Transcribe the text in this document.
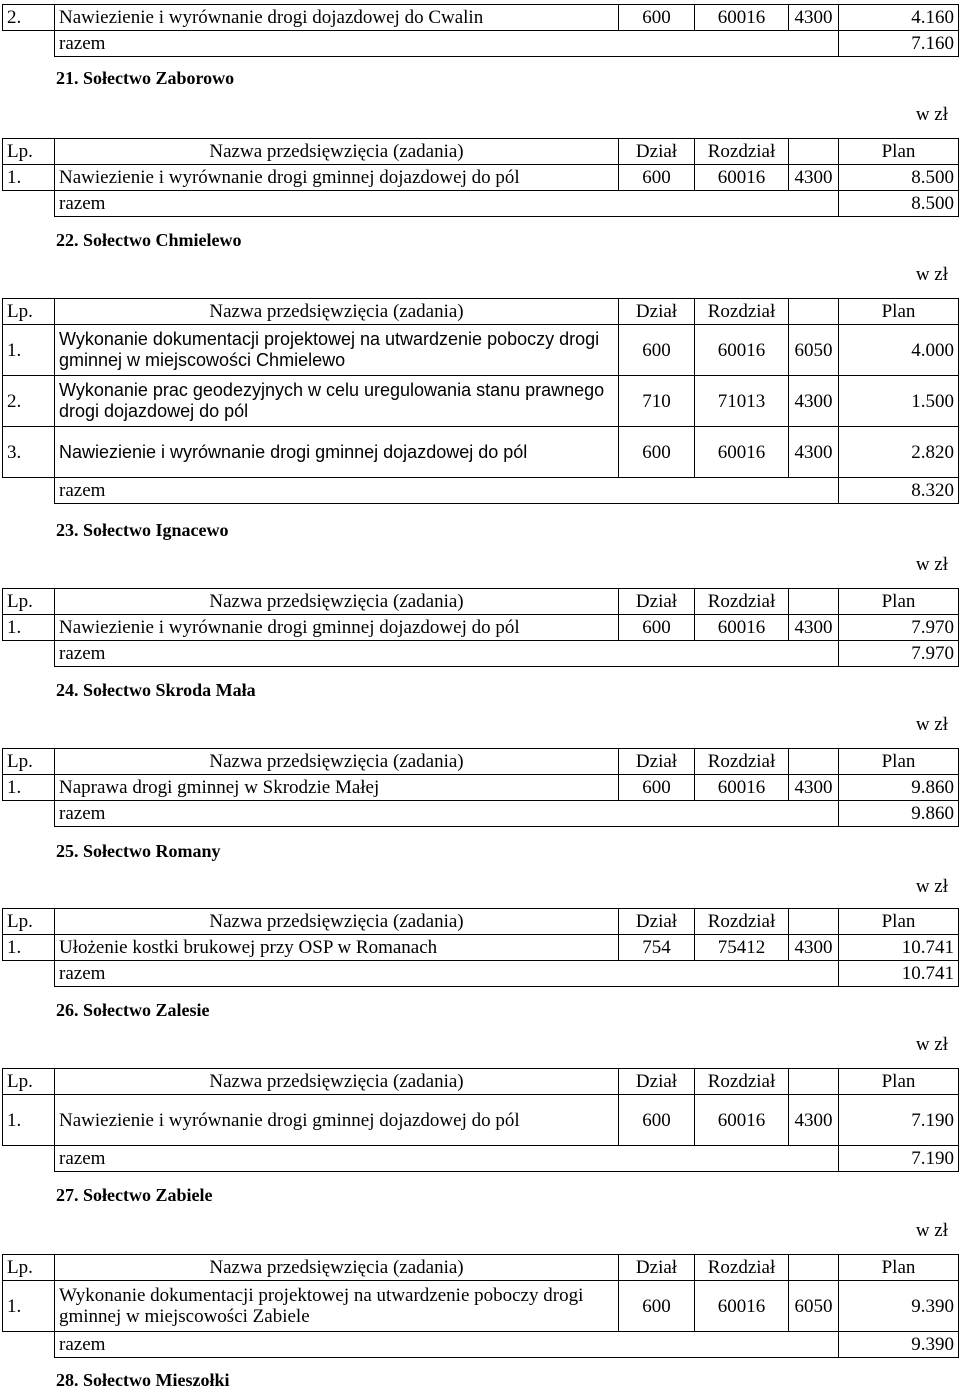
2.	Nawiezienie i wyrównanie drogi dojazdowej do Cwalin	600	60016	4300	4.160
	razem				7.160
21. Sołectwo Zaborowo
w zł
Lp.	Nazwa przedsięwzięcia (zadania)	Dział	Rozdział		Plan
1.	Nawiezienie i wyrównanie drogi gminnej dojazdowej do pól	600	60016	4300	8.500
	razem				8.500
22. Sołectwo Chmielewo
w zł
Lp.	Nazwa przedsięwzięcia (zadania)	Dział	Rozdział		Plan
1.	Wykonanie dokumentacji projektowej na utwardzenie poboczy drogi gminnej w miejscowości Chmielewo	600	60016	6050	4.000
2.	Wykonanie prac geodezyjnych w celu uregulowania stanu prawnego drogi dojazdowej do pól	710	71013	4300	1.500
3.	Nawiezienie i wyrównanie drogi gminnej dojazdowej do pól	600	60016	4300	2.820
	razem				8.320
23. Sołectwo Ignacewo
w zł
Lp.	Nazwa przedsięwzięcia (zadania)	Dział	Rozdział		Plan
1.	Nawiezienie i wyrównanie drogi gminnej dojazdowej do pól	600	60016	4300	7.970
	razem				7.970
24. Sołectwo Skroda Mała
w zł
Lp.	Nazwa przedsięwzięcia (zadania)	Dział	Rozdział		Plan
1.	Naprawa drogi gminnej w Skrodzie Małej	600	60016	4300	9.860
	razem				9.860
25. Sołectwo Romany
w zł
Lp.	Nazwa przedsięwzięcia (zadania)	Dział	Rozdział		Plan
1.	Ułożenie kostki brukowej przy OSP w Romanach	754	75412	4300	10.741
	razem				10.741
26. Sołectwo Zalesie
w zł
Lp.	Nazwa przedsięwzięcia (zadania)	Dział	Rozdział		Plan
1.	Nawiezienie i wyrównanie drogi gminnej dojazdowej do pól	600	60016	4300	7.190
	razem				7.190
27. Sołectwo Zabiele
w zł
Lp.	Nazwa przedsięwzięcia (zadania)	Dział	Rozdział		Plan
1.	Wykonanie dokumentacji projektowej na utwardzenie poboczy drogi gminnej w miejscowości Zabiele	600	60016	6050	9.390
	razem				9.390
28. Sołectwo Mieszołki
